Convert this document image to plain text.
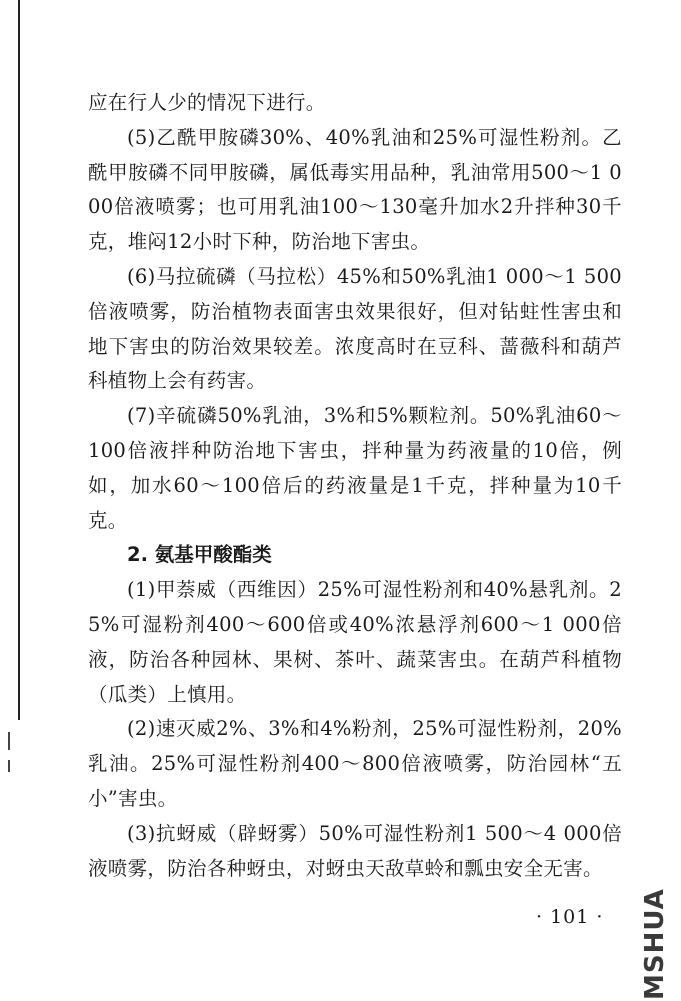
应在行人少的情况下进行。

(5)乙酰甲胺磷30%、40%乳油和25%可湿性粉剂。乙酰甲胺磷不同甲胺磷，属低毒实用品种，乳油常用500～1 000倍液喷雾；也可用乳油100～130毫升加水2升拌种30千克，堆闷12小时下种，防治地下害虫。

(6)马拉硫磷（马拉松）45%和50%乳油1 000～1 500倍液喷雾，防治植物表面害虫效果很好，但对钻蛀性害虫和地下害虫的防治效果较差。浓度高时在豆科、蔷薇科和葫芦科植物上会有药害。

(7)辛硫磷50%乳油，3%和5%颗粒剂。50%乳油60～100倍液拌种防治地下害虫，拌种量为药液量的10倍，例如，加水60～100倍后的药液量是1千克，拌种量为10千克。

2. 氨基甲酸酯类

(1)甲萘威（西维因）25%可湿性粉剂和40%悬乳剂。25%可湿粉剂400～600倍或40%浓悬浮剂600～1 000倍液，防治各种园林、果树、茶叶、蔬菜害虫。在葫芦科植物（瓜类）上慎用。

(2)速灭威2%、3%和4%粉剂，25%可湿性粉剂，20%乳油。25%可湿性粉剂400～800倍液喷雾，防治园林“五小”害虫。

(3)抗蚜威（辟蚜雾）50%可湿性粉剂1 500～4 000倍液喷雾，防治各种蚜虫，对蚜虫天敌草蛉和瓢虫安全无害。

· 101 · MSHUA
